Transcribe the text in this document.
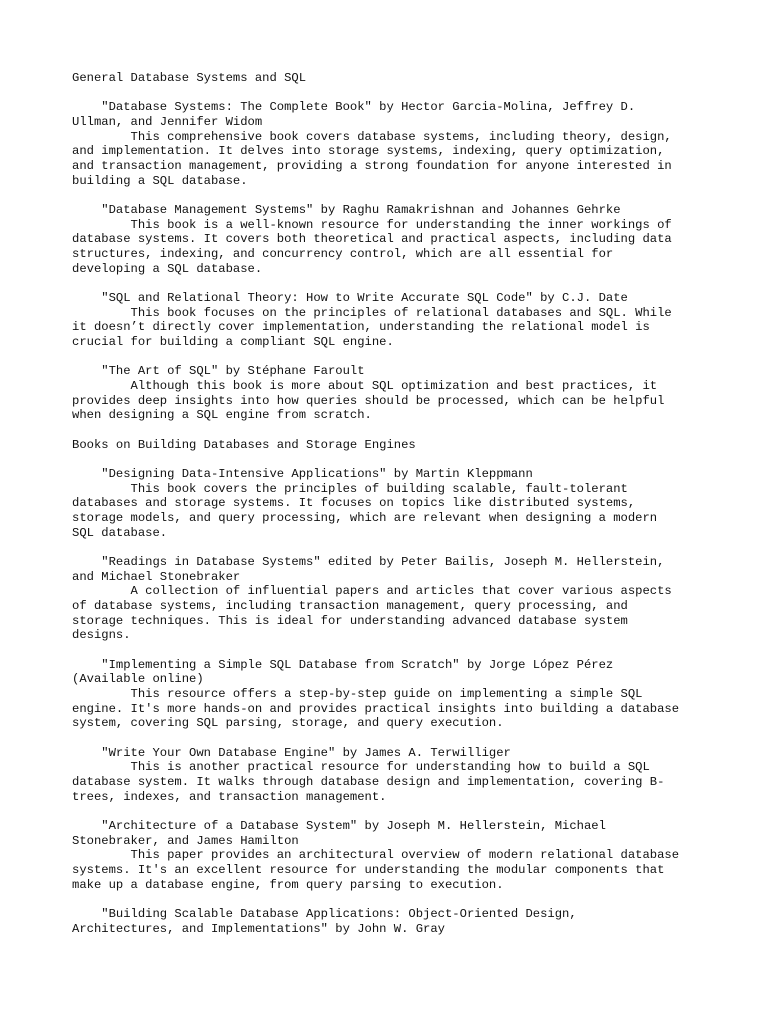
General Database Systems and SQL
"Database Systems: The Complete Book" by Hector Garcia-Molina, Jeffrey D.
Ullman, and Jennifer Widom
This comprehensive book covers database systems, including theory, design,
and implementation. It delves into storage systems, indexing, query optimization,
and transaction management, providing a strong foundation for anyone interested in
building a SQL database.
"Database Management Systems" by Raghu Ramakrishnan and Johannes Gehrke
This book is a well-known resource for understanding the inner workings of
database systems. It covers both theoretical and practical aspects, including data
structures, indexing, and concurrency control, which are all essential for
developing a SQL database.
"SQL and Relational Theory: How to Write Accurate SQL Code" by C.J. Date
This book focuses on the principles of relational databases and SQL. While
it doesn’t directly cover implementation, understanding the relational model is
crucial for building a compliant SQL engine.
"The Art of SQL" by Stéphane Faroult
Although this book is more about SQL optimization and best practices, it
provides deep insights into how queries should be processed, which can be helpful
when designing a SQL engine from scratch.
Books on Building Databases and Storage Engines
"Designing Data-Intensive Applications" by Martin Kleppmann
This book covers the principles of building scalable, fault-tolerant
databases and storage systems. It focuses on topics like distributed systems,
storage models, and query processing, which are relevant when designing a modern
SQL database.
"Readings in Database Systems" edited by Peter Bailis, Joseph M. Hellerstein,
and Michael Stonebraker
A collection of influential papers and articles that cover various aspects
of database systems, including transaction management, query processing, and
storage techniques. This is ideal for understanding advanced database system
designs.
"Implementing a Simple SQL Database from Scratch" by Jorge López Pérez
(Available online)
This resource offers a step-by-step guide on implementing a simple SQL
engine. It's more hands-on and provides practical insights into building a database
system, covering SQL parsing, storage, and query execution.
"Write Your Own Database Engine" by James A. Terwilliger
This is another practical resource for understanding how to build a SQL
database system. It walks through database design and implementation, covering B-
trees, indexes, and transaction management.
"Architecture of a Database System" by Joseph M. Hellerstein, Michael
Stonebraker, and James Hamilton
This paper provides an architectural overview of modern relational database
systems. It's an excellent resource for understanding the modular components that
make up a database engine, from query parsing to execution.
"Building Scalable Database Applications: Object-Oriented Design,
Architectures, and Implementations" by John W. Gray
